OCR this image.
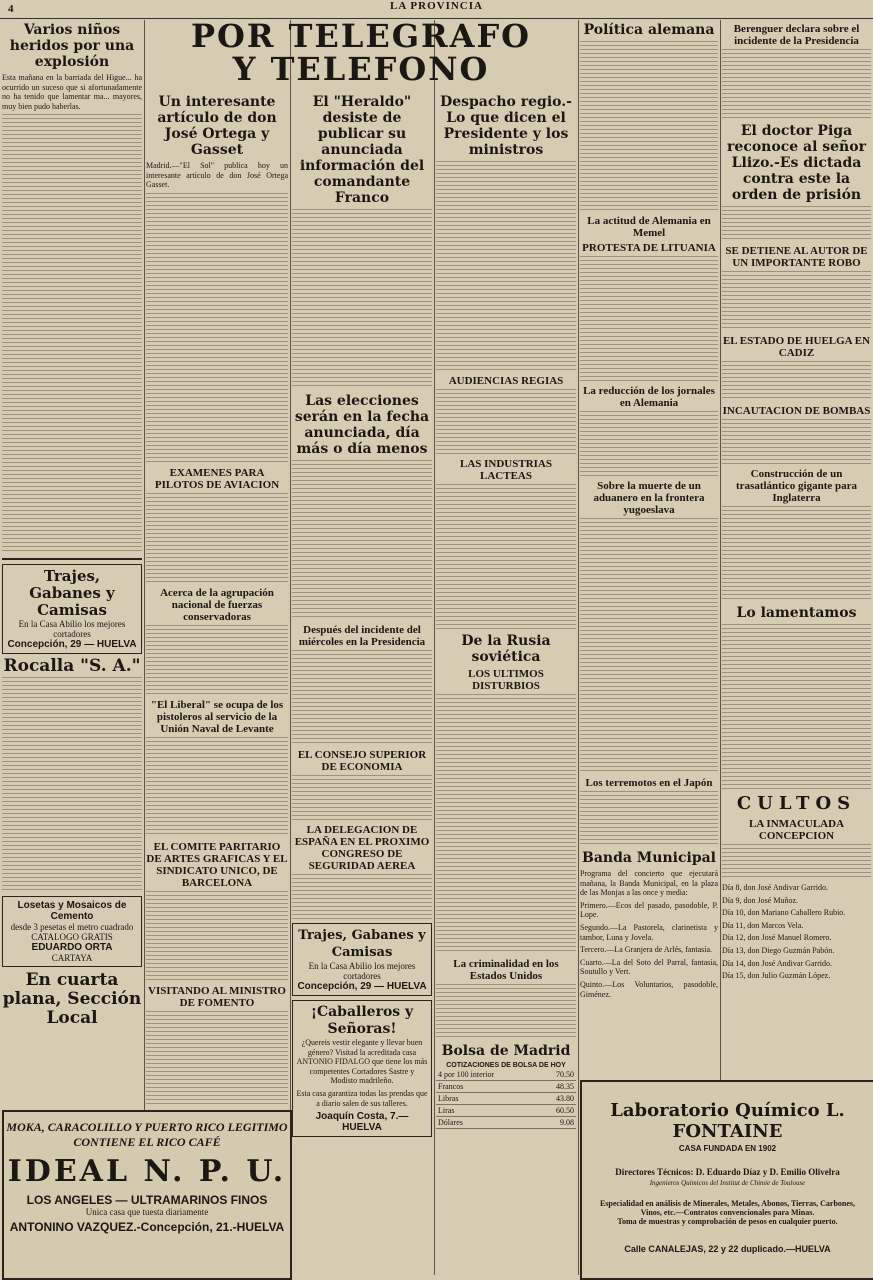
4	LA PROVINCIA
POR TELEGRAFO
Y TELEFONO
Varios niños heridos por una explosión

Esta mañana en la barriada del Higue... ha ocurrido un suceso que si afortunadamente no ha tenido que lamentar ma... mayores, muy bien pudo haberlas.

Trajes, Gabanes y Camisas
En la Casa Abilio los mejores cortadores
Concepción, 29 — HUELVA
Rocalla "S. A."
Losetas y Mosaicos de Cemento
desde 3 pesetas el metro cuadrado
CATALOGO GRATIS
EDUARDO ORTA
CARTAYA
En cuarta plana, Sección Local
Un interesante artículo de don José Ortega y Gasset

Madrid.—"El Sol" publica hoy un interesante artículo de don José Ortega Gasset.

EXAMENES PARA PILOTOS DE AVIACION
Acerca de la agrupación nacional de fuerzas conservadoras
"El Liberal" se ocupa de los pistoleros al servicio de la Unión Naval de Levante
EL COMITE PARITARIO DE ARTES GRAFICAS Y EL SINDICATO UNICO, DE BARCELONA
VISITANDO AL MINISTRO DE FOMENTO
El "Heraldo" desiste de publicar su anunciada información del comandante Franco
Las elecciones serán en la fecha anunciada, día más o día menos
Después del incidente del miércoles en la Presidencia
EL CONSEJO SUPERIOR DE ECONOMIA
LA DELEGACION DE ESPAÑA EN EL PROXIMO CONGRESO DE SEGURIDAD AEREA
Trajes, Gabanes y Camisas
En la Casa Abilio los mejores cortadores
Concepción, 29 — HUELVA
¡Caballeros y Señoras!

¿Quereis vestir elegante y llevar buen género? Visitad la acreditada casa ANTONIO FIDALGO que tiene los más competentes Cortadores Sastre y Modisto madrileño.

Esta casa garantiza todas las prendas que a diario salen de sus talleres.

Joaquín Costa, 7.—HUELVA
Despacho regio.-Lo que dicen el Presidente y los ministros
AUDIENCIAS REGIAS
LAS INDUSTRIAS LACTEAS
De la Rusia soviética
LOS ULTIMOS DISTURBIOS
La criminalidad en los Estados Unidos
Bolsa de Madrid
COTIZACIONES DE BOLSA DE HOY
4 por 100 interior	70.50
Francos	48.35
Libras	43.80
Liras	60.50
Dólares	9.08
Política alemana
La actitud de Alemania en Memel
PROTESTA DE LITUANIA
La reducción de los jornales en Alemania
Sobre la muerte de un aduanero en la frontera yugoeslava
Los terremotos en el Japón
Banda Municipal

Programa del concierto que ejecutará mañana, la Banda Municipal, en la plaza de las Monjas a las once y media:

Primero.—Ecos del pasado, pasodoble, P. Lope.

Segundo.—La Pastorela, clarinetista y tambor, Luna y Jovela.

Tercero.—La Granjera de Arlés, fantasía.

Cuarto.—La del Soto del Parral, fantasía, Soutullo y Vert.

Quinto.—Los Voluntarios, pasodoble, Giménez.

Berenguer declara sobre el incidente de la Presidencia
El doctor Piga reconoce al señor Llizo.-Es dictada contra este la orden de prisión
SE DETIENE AL AUTOR DE UN IMPORTANTE ROBO
EL ESTADO DE HUELGA EN CADIZ
INCAUTACION DE BOMBAS
Construcción de un trasatlántico gigante para Inglaterra
Lo lamentamos
CULTOS
LA INMACULADA CONCEPCION

Día 8, don José Andivar Garrido.

Día 9, don José Muñoz.

Día 10, don Mariano Caballero Rubio.

Día 11, don Marcos Vela.

Día 12, don José Manuel Romero.

Día 13, don Diego Guzmán Pabón.

Día 14, don José Andivar Garrido.

Día 15, don Julio Guzmán López.

MOKA, CARACOLILLO Y PUERTO RICO LEGITIMO
CONTIENE EL RICO CAFÉ
IDEAL N. P. U.
LOS ANGELES — ULTRAMARINOS FINOS
Unica casa que tuesta diariamente
ANTONINO VAZQUEZ.-Concepción, 21.-HUELVA
Laboratorio Químico L. FONTAINE
CASA FUNDADA EN 1902
Directores Técnicos: D. Eduardo Díaz y D. Emilio Olivelra
Ingenieros Químicos del Institut de Chimie de Toulouse
Especialidad en análisis de Minerales, Metales, Abonos, Tierras, Carbones, Vinos, etc.—Contratos convencionales para Minas.
Toma de muestras y comprobación de pesos en cualquier puerto.
Calle CANALEJAS, 22 y 22 duplicado.—HUELVA
